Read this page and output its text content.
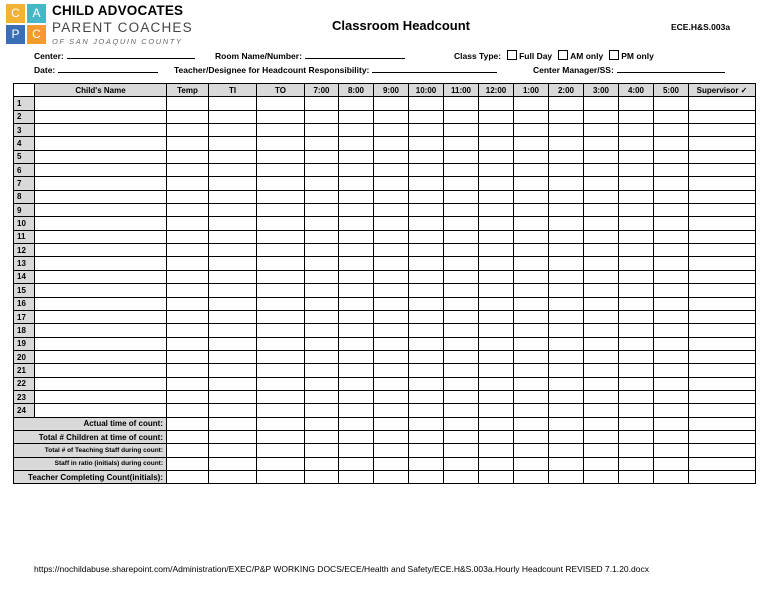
C	A
P	C
CHILD ADVOCATES
PARENT COACHES
OF SAN JOAQUIN COUNTY
Classroom Headcount	ECE.H&S.003a
Center:	Room Name/Number:	Class Type: Full Day AM only PM only
Date:	Teacher/Designee for Headcount Responsibility:	Center Manager/SS:
	Child's Name	Temp	TI	TO	7:00	8:00	9:00	10:00	11:00	12:00	1:00	2:00	3:00	4:00	5:00	Supervisor ✓
1																
2																
3																
4																
5																
6																
7																
8																
9																
10																
11																
12																
13																
14																
15																
16																
17																
18																
19																
20																
21																
22																
23																
24																
Actual time of count:																
Total # Children at time of count:																
Total # of Teaching Staff during count:																
Staff in ratio (initials) during count:																
Teacher Completing Count(initials):																
https://nochildabuse.sharepoint.com/Administration/EXEC/P&P WORKING DOCS/ECE/Health and Safety/ECE.H&S.003a.Hourly Headcount REVISED 7.1.20.docx
